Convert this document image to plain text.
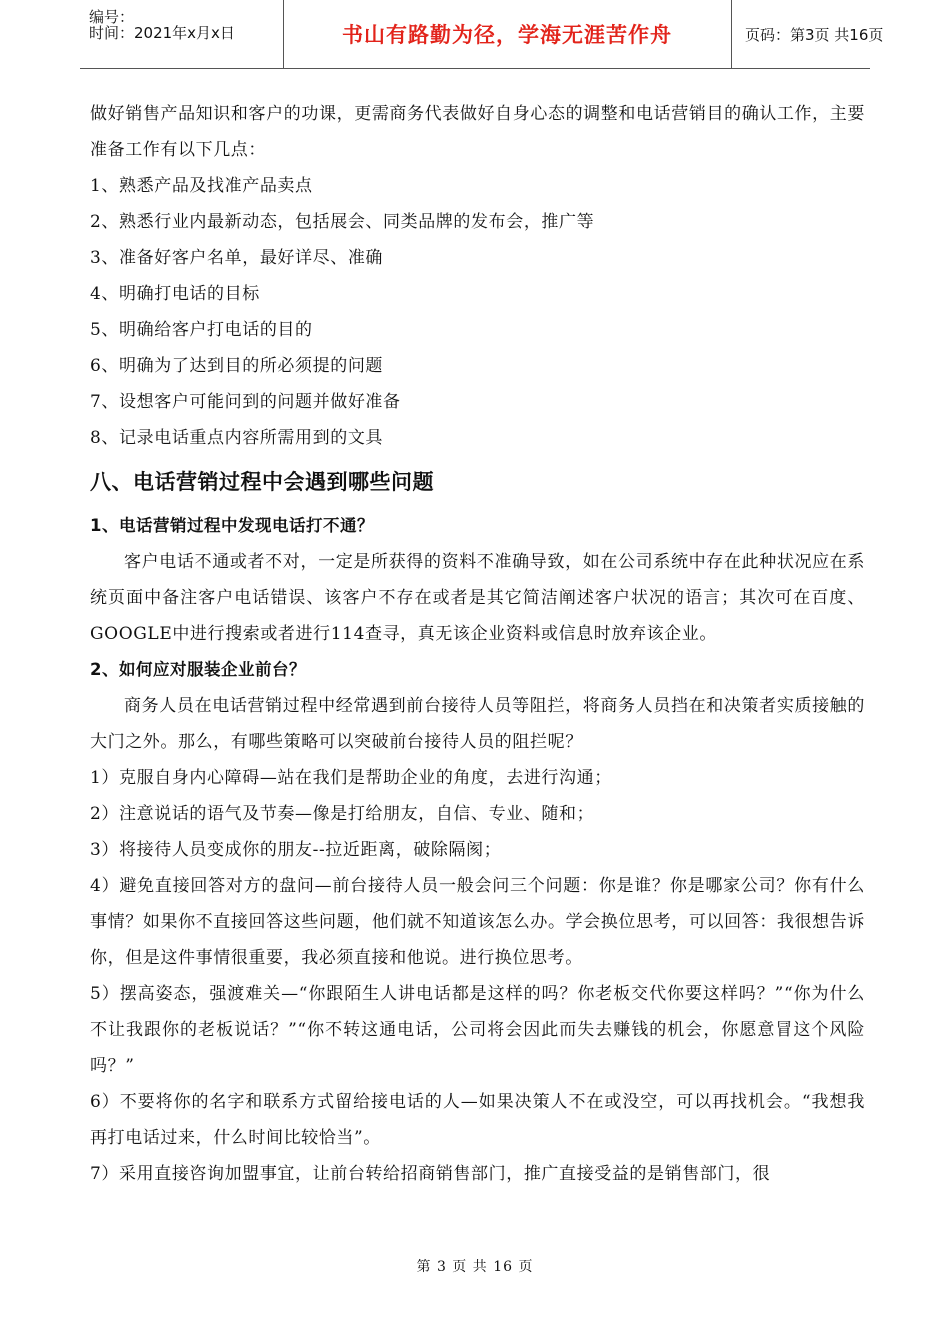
编号：
时间：2021年x月x日	书山有路勤为径，学海无涯苦作舟	页码：第3页 共16页

做好销售产品知识和客户的功课，更需商务代表做好自身心态的调整和电话营销目的确认工作，主要准备工作有以下几点：

1、熟悉产品及找准产品卖点

2、熟悉行业内最新动态，包括展会、同类品牌的发布会，推广等

3、准备好客户名单，最好详尽、准确

4、明确打电话的目标

5、明确给客户打电话的目的

6、明确为了达到目的所必须提的问题

7、设想客户可能问到的问题并做好准备

8、记录电话重点内容所需用到的文具

八、电话营销过程中会遇到哪些问题
1、电话营销过程中发现电话打不通？

客户电话不通或者不对，一定是所获得的资料不准确导致，如在公司系统中存在此种状况应在系统页面中备注客户电话错误、该客户不存在或者是其它简洁阐述客户状况的语言；其次可在百度、GOOGLE中进行搜索或者进行114查寻，真无该企业资料或信息时放弃该企业。

2、如何应对服装企业前台？

商务人员在电话营销过程中经常遇到前台接待人员等阻拦，将商务人员挡在和决策者实质接触的大门之外。那么，有哪些策略可以突破前台接待人员的阻拦呢？

1）克服自身内心障碍—站在我们是帮助企业的角度，去进行沟通；

2）注意说话的语气及节奏—像是打给朋友，自信、专业、随和；

3）将接待人员变成你的朋友--拉近距离，破除隔阂；

4）避免直接回答对方的盘问—前台接待人员一般会问三个问题：你是谁？你是哪家公司？你有什么事情？如果你不直接回答这些问题，他们就不知道该怎么办。学会换位思考，可以回答：我很想告诉你，但是这件事情很重要，我必须直接和他说。进行换位思考。

5）摆高姿态，强渡难关—“你跟陌生人讲电话都是这样的吗？你老板交代你要这样吗？”“你为什么不让我跟你的老板说话？”“你不转这通电话，公司将会因此而失去赚钱的机会，你愿意冒这个风险吗？”

6）不要将你的名字和联系方式留给接电话的人—如果决策人不在或没空，可以再找机会。“我想我再打电话过来，什么时间比较恰当”。

7）采用直接咨询加盟事宜，让前台转给招商销售部门，推广直接受益的是销售部门，很

第 3 页 共 16 页
